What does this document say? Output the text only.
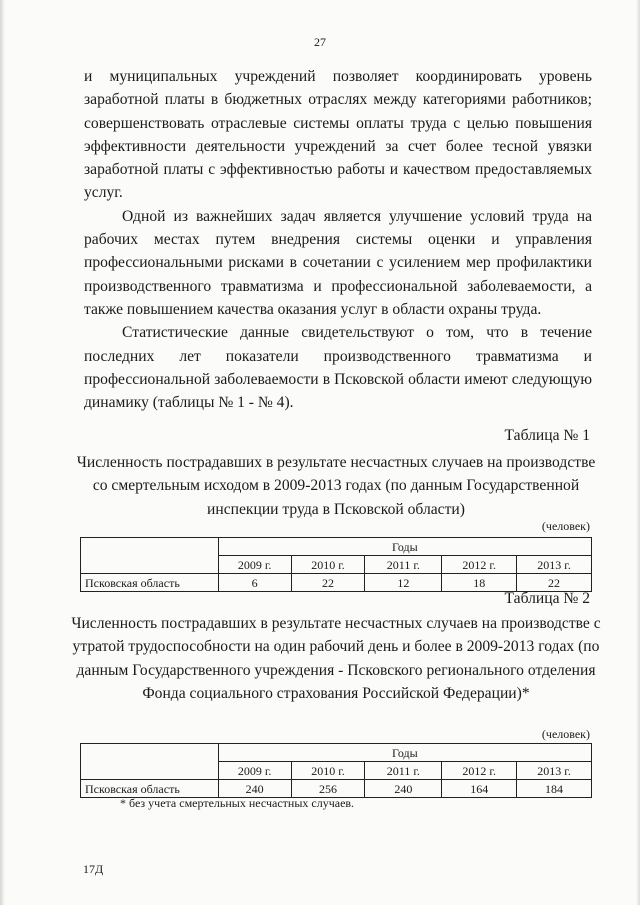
27

и муниципальных учреждений позволяет координировать уровень заработной платы в бюджетных отраслях между категориями работников; совершенствовать отраслевые системы оплаты труда с целью повышения эффективности деятельности учреждений за счет более тесной увязки заработной платы с эффективностью работы и качеством предоставляемых услуг.

Одной из важнейших задач является улучшение условий труда на рабочих местах путем внедрения системы оценки и управления профессиональными рисками в сочетании с усилением мер профилактики производственного травматизма и профессиональной заболеваемости, а также повышением качества оказания услуг в области охраны труда.

Статистические данные свидетельствуют о том, что в течение последних лет показатели производственного травматизма и профессиональной заболеваемости в Псковской области имеют следующую динамику (таблицы № 1 - № 4).

Таблица № 1
Численность пострадавших в результате несчастных случаев на производстве со смертельным исходом в 2009-2013 годах (по данным Государственной инспекции труда в Псковской области)
(человек)
	Годы				
	2009 г.	2010 г.	2011 г.	2012 г.	2013 г.
Псковская область	6	22	12	18	22
Таблица № 2
Численность пострадавших в результате несчастных случаев на производстве с утратой трудоспособности на один рабочий день и более в 2009-2013 годах (по данным Государственного учреждения - Псковского регионального отделения Фонда социального страхования Российской Федерации)*
(человек)
	Годы				
	2009 г.	2010 г.	2011 г.	2012 г.	2013 г.
Псковская область	240	256	240	164	184
* без учета смертельных несчастных случаев.
17Д
